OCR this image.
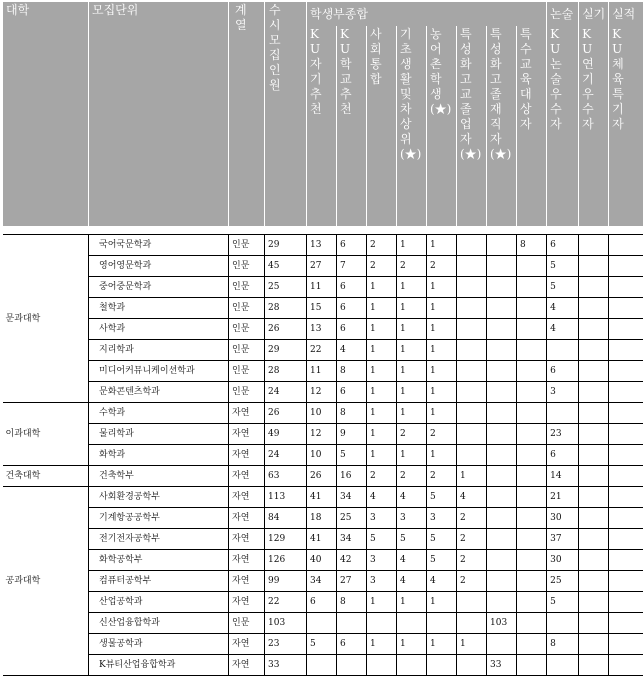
대학	모집단위	계열	수시모집인원	학생부종합								논술	실기	실적
				KU자기추천	KU학교추천	사회통합	기초생활및차상위(★)	농어촌학생(★)	특성화고교졸업자(★)	특성화고졸재직자(★)	특수교육대상자	KU논술우수자	KU연기우수자	KU체육특기자

문과대학	국어국문학과	인문	29	13	6	2	1	1			8	6		
	영어영문학과	인문	45	27	7	2	2	2				5		
	중어중문학과	인문	25	11	6	1	1	1				5		
	철학과	인문	28	15	6	1	1	1				4		
	사학과	인문	26	13	6	1	1	1				4		
	지리학과	인문	29	22	4	1	1	1						
	미디어커뮤니케이션학과	인문	28	11	8	1	1	1				6		
	문화콘텐츠학과	인문	24	12	6	1	1	1				3		
이과대학	수학과	자연	26	10	8	1	1	1						
	물리학과	자연	49	12	9	1	2	2				23		
	화학과	자연	24	10	5	1	1	1				6		
건축대학	건축학부	자연	63	26	16	2	2	2	1			14		
공과대학	사회환경공학부	자연	113	41	34	4	4	5	4			21		
	기계항공공학부	자연	84	18	25	3	3	3	2			30		
	전기전자공학부	자연	129	41	34	5	5	5	2			37		
	화학공학부	자연	126	40	42	3	4	5	2			30		
	컴퓨터공학부	자연	99	34	27	3	4	4	2			25		
	산업공학과	자연	22	6	8	1	1	1				5		
	신산업융합학과	인문	103							103				
	생물공학과	자연	23	5	6	1	1	1	1			8		
	K뷰티산업융합학과	자연	33							33				
